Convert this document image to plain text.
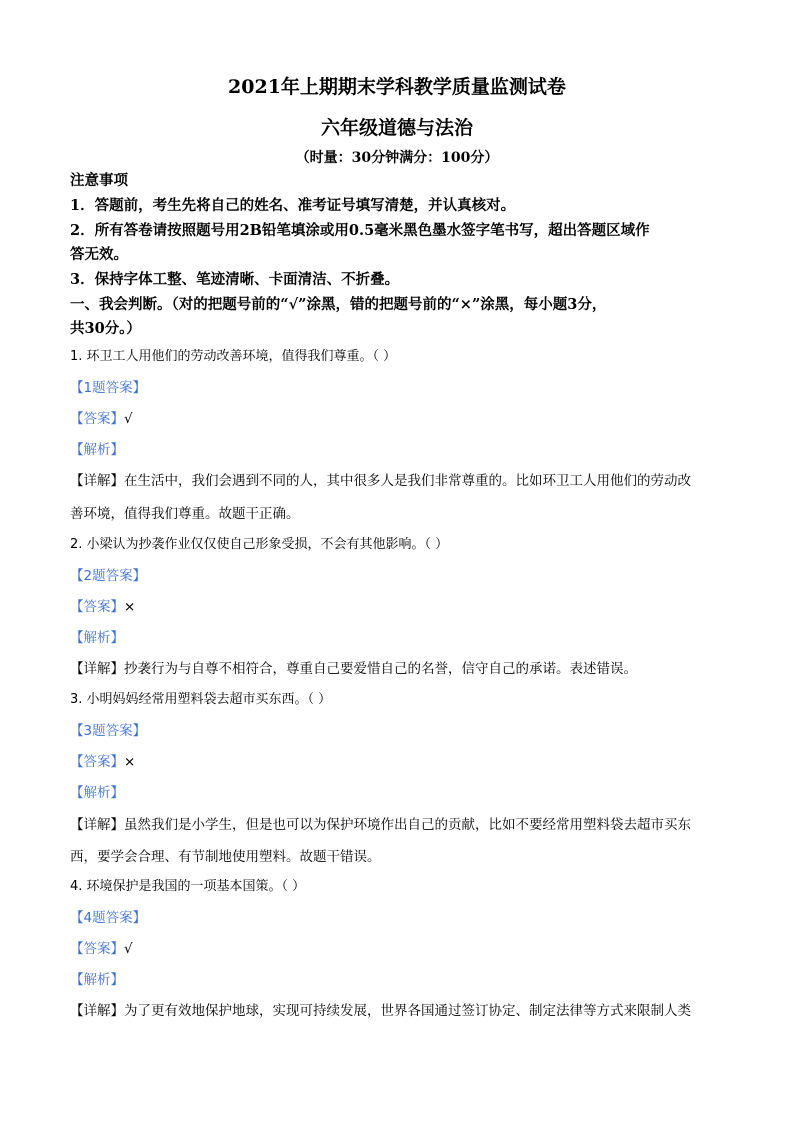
2021年上期期末学科教学质量监测试卷
六年级道德与法治
（时量：30分钟满分：100分）
注意事项
1．答题前，考生先将自己的姓名、准考证号填写清楚，并认真核对。
2．所有答卷请按照题号用2B铅笔填涂或用0.5毫米黑色墨水签字笔书写，超出答题区域作
答无效。
3．保持字体工整、笔迹清晰、卡面清洁、不折叠。
一、我会判断。（对的把题号前的“√”涂黑，错的把题号前的“×”涂黑，每小题3分，
共30分。）
1. 环卫工人用他们的劳动改善环境，值得我们尊重。（ ）
【1题答案】
【答案】√
【解析】
【详解】在生活中，我们会遇到不同的人，其中很多人是我们非常尊重的。比如环卫工人用他们的劳动改
善环境，值得我们尊重。故题干正确。
2. 小梁认为抄袭作业仅仅使自己形象受损，不会有其他影响。（ ）
【2题答案】
【答案】×
【解析】
【详解】抄袭行为与自尊不相符合，尊重自己要爱惜自己的名誉，信守自己的承诺。表述错误。
3. 小明妈妈经常用塑料袋去超市买东西。（ ）
【3题答案】
【答案】×
【解析】
【详解】虽然我们是小学生，但是也可以为保护环境作出自己的贡献，比如不要经常用塑料袋去超市买东
西，要学会合理、有节制地使用塑料。故题干错误。
4. 环境保护是我国的一项基本国策。（ ）
【4题答案】
【答案】√
【解析】
【详解】为了更有效地保护地球，实现可持续发展，世界各国通过签订协定、制定法律等方式来限制人类
